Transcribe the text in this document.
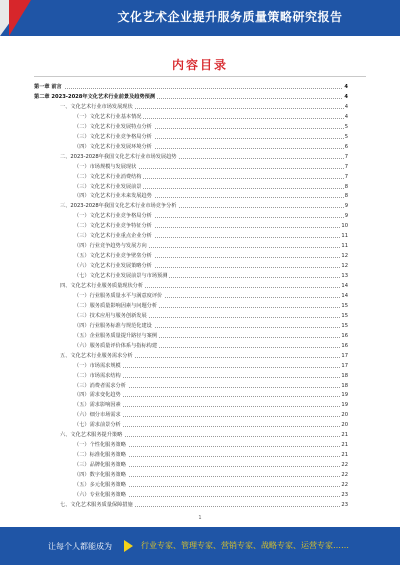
文化艺术企业提升服务质量策略研究报告
内容目录
第一章 前言	4
第二章 2023-2028年文化艺术行业前景及趋势预测	4
一、文化艺术行业市场发展现状	4
（一）文化艺术行业基本情况	4
（二）文化艺术行业发展特点分析	5
（三）文化艺术行业竞争格局分析	5
（四）文化艺术行业发展环境分析	6
二、2023-2028年我国文化艺术行业市场发展趋势	7
（一）市场规模与发展现状	7
（二）文化艺术行业消费结构	7
（三）文化艺术行业发展前景	8
（四）文化艺术行业未来发展趋势	8
三、2023-2028年我国文化艺术行业市场竞争分析	9
（一）文化艺术行业竞争格局分析	9
（二）文化艺术行业竞争特征分析	10
（三）文化艺术行业重点企业分析	11
（四）行业竞争趋势与发展方向	11
（五）文化艺术行业竞争壁垒分析	12
（六）文化艺术行业发展策略分析	12
（七）文化艺术行业发展前景与市场预测	13
四、文化艺术行业服务质量现状分析	14
（一）行业服务质量水平与满意度评价	14
（二）服务质量影响因素与问题分析	15
（三）技术应用与服务创新发展	15
（四）行业服务标准与规范化建设	15
（五）企业服务质量提升路径与案例	16
（六）服务质量评价体系与指标构建	16
五、文化艺术行业服务需求分析	17
（一）市场需求规模	17
（二）市场需求结构	18
（三）消费者需求分析	18
（四）需求变化趋势	19
（五）需求影响因素	19
（六）细分市场需求	20
（七）需求前景分析	20
六、文化艺术服务提升策略	21
（一）个性化服务策略	21
（二）标准化服务策略	21
（三）品牌化服务策略	22
（四）数字化服务策略	22
（五）多元化服务策略	22
（六）专业化服务策略	23
七、文化艺术服务质量保障措施	23
1
让每个人都能成为	行业专家、管理专家、营销专家、战略专家、运营专家……
